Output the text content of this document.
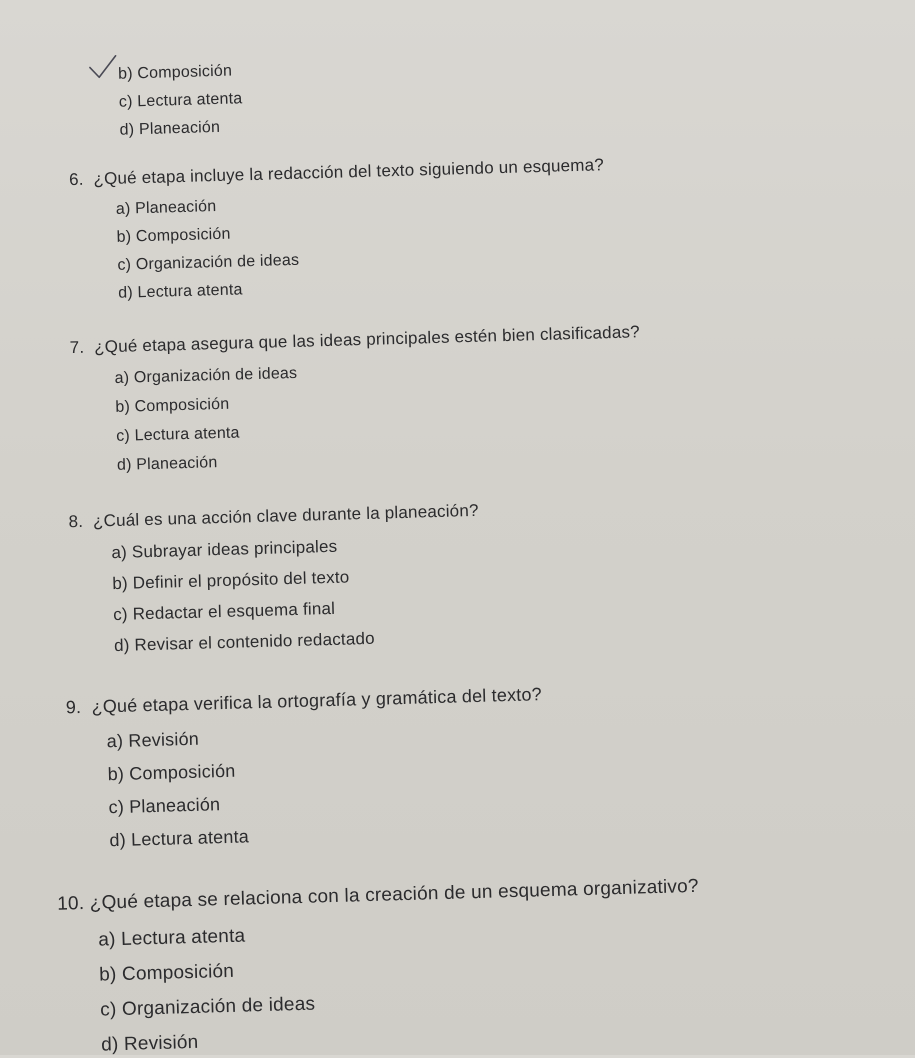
b) Composición
c) Lectura atenta
d) Planeación
6. ¿Qué etapa incluye la redacción del texto siguiendo un esquema?
a) Planeación
b) Composición
c) Organización de ideas
d) Lectura atenta
7. ¿Qué etapa asegura que las ideas principales estén bien clasificadas?
a) Organización de ideas
b) Composición
c) Lectura atenta
d) Planeación
8. ¿Cuál es una acción clave durante la planeación?
a) Subrayar ideas principales
b) Definir el propósito del texto
c) Redactar el esquema final
d) Revisar el contenido redactado
9. ¿Qué etapa verifica la ortografía y gramática del texto?
a) Revisión
b) Composición
c) Planeación
d) Lectura atenta
10. ¿Qué etapa se relaciona con la creación de un esquema organizativo?
a) Lectura atenta
b) Composición
c) Organización de ideas
d) Revisión
